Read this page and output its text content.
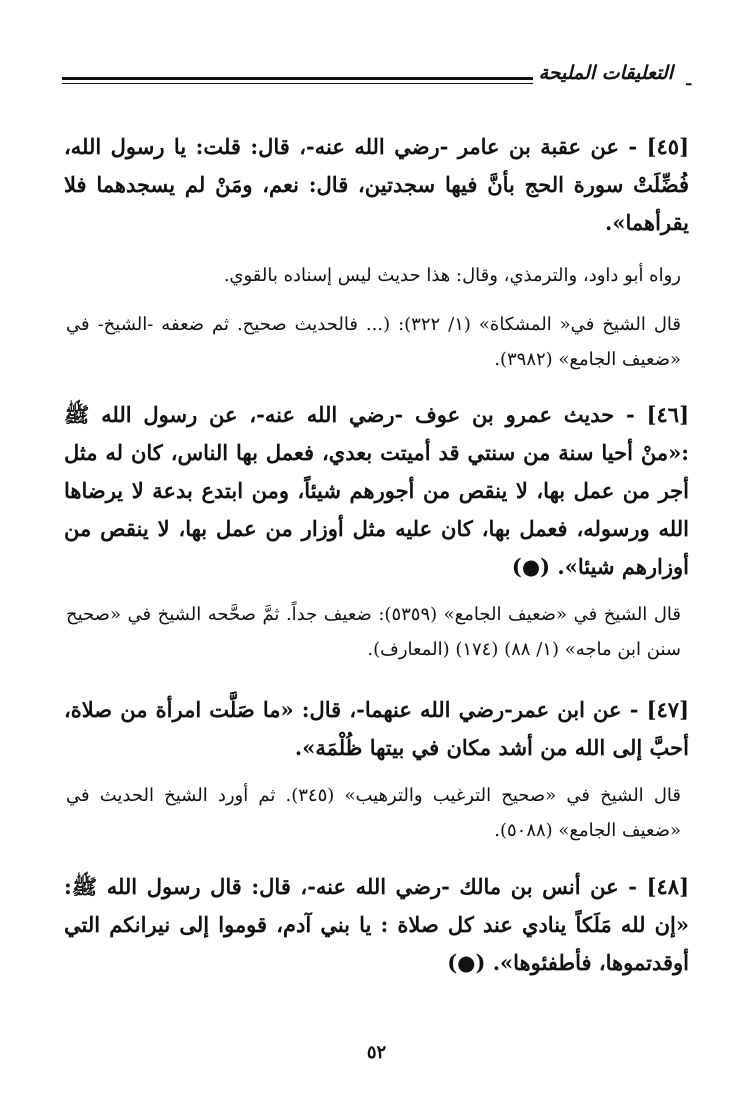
ـ
التعليقات المليحة
[٤٥] - عن عقبة بن عامر -رضي الله عنه-، قال: قلت: يا رسول الله، فُضِّلَتْ سورة الحج بأنَّ فيها سجدتين، قال: نعم، ومَنْ لم يسجدهما فلا يقرأهما».
رواه أبو داود، والترمذي، وقال: هذا حديث ليس إسناده بالقوي.
قال الشيخ في« المشكاة» (١/ ٣٢٢): (... فالحديث صحيح. ثم ضعفه -الشيخ- في «ضعيف الجامع» (٣٩٨٢).
[٤٦] - حديث عمرو بن عوف -رضي الله عنه-، عن رسول الله ﷺ :«منْ أحيا سنة من سنتي قد أميتت بعدي، فعمل بها الناس، كان له مثل أجر من عمل بها، لا ينقص من أجورهم شيئاً، ومن ابتدع بدعة لا يرضاها الله ورسوله، فعمل بها، كان عليه مثل أوزار من عمل بها، لا ينقص من أوزارهم شيئا». (●)
قال الشيخ في «ضعيف الجامع» (٥٣٥٩): ضعيف جداً. ثمَّ صحَّحه الشيخ في «صحيح سنن ابن ماجه» (١/ ٨٨) (١٧٤) (المعارف).
[٤٧] - عن ابن عمر-رضي الله عنهما-، قال: «ما صَلَّت امرأة من صلاة، أحبَّ إلى الله من أشد مكان في بيتها ظُلْمَة».
قال الشيخ في «صحيح الترغيب والترهيب» (٣٤٥). ثم أورد الشيخ الحديث في «ضعيف الجامع» (٥٠٨٨).
[٤٨] - عن أنس بن مالك -رضي الله عنه-، قال: قال رسول الله ﷺ: «إن لله مَلَكاً ينادي عند كل صلاة : يا بني آدم، قوموا إلى نيرانكم التي أوقدتموها، فأطفئوها». (●)
٥٢
